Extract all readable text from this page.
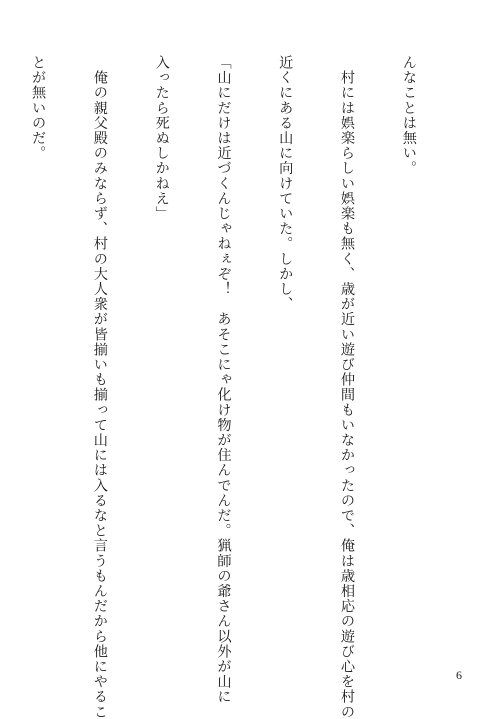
んなことは無い。

　村には娯楽らしい娯楽も無く、歳が近い遊び仲間もいなかったので、俺は歳相応の遊び心を村の

近くにある山に向けていた。しかし、

「山にだけは近づくんじゃねぇぞ！　あそこにゃ化け物が住んでんだ。猟師の爺さん以外が山に

入ったら死ぬしかねえ」

　俺の親父殿のみならず、村の大人衆が皆揃いも揃って山には入るなと言うもんだから他にやるこ

とが無いのだ。

6
